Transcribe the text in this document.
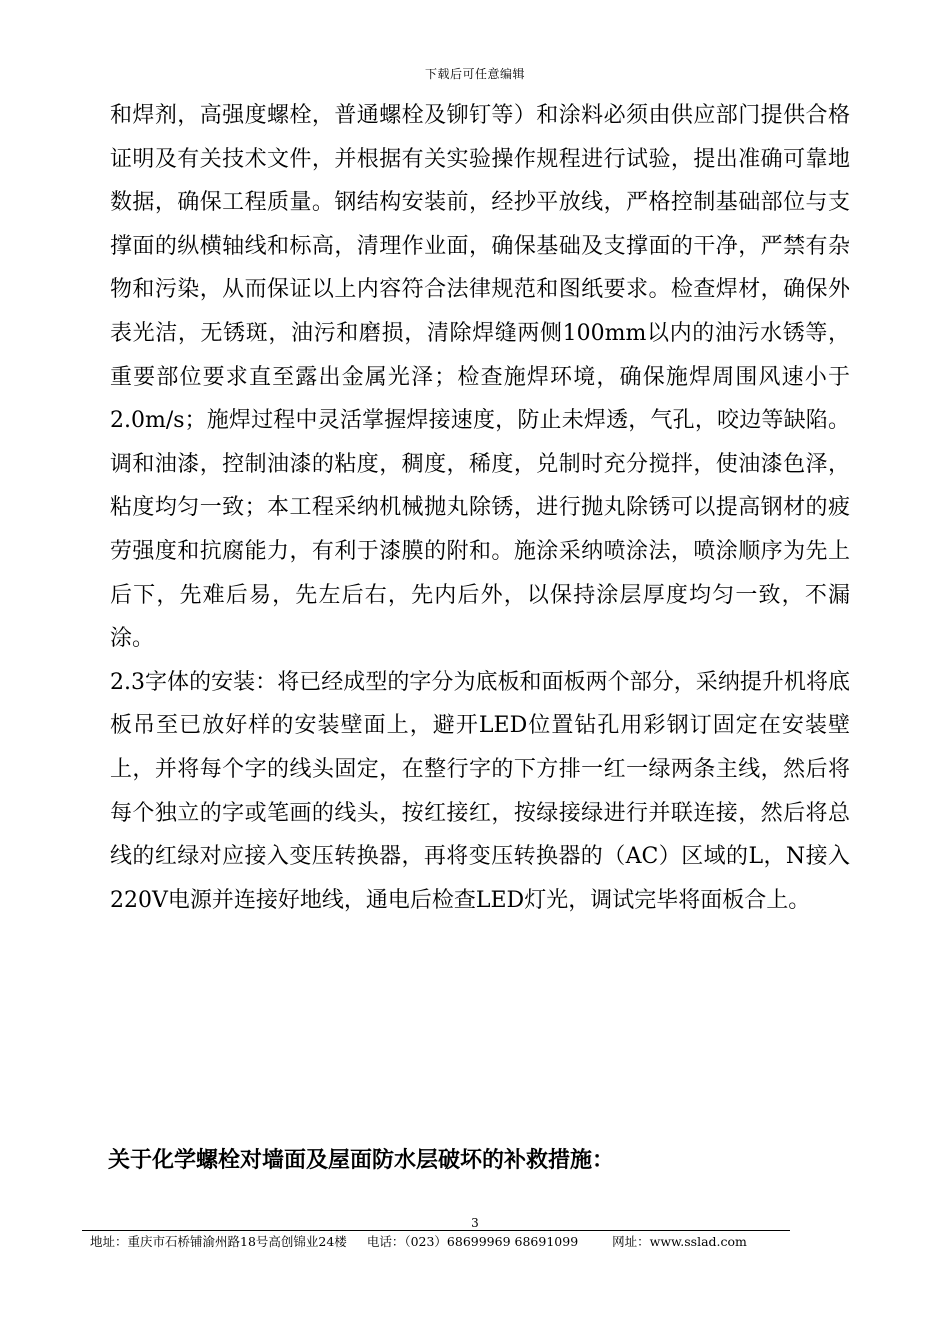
下载后可任意编辑

和焊剂，高强度螺栓，普通螺栓及铆钉等）和涂料必须由供应部门提供合格证明及有关技术文件，并根据有关实验操作规程进行试验，提出准确可靠地数据，确保工程质量。钢结构安装前，经抄平放线，严格控制基础部位与支撑面的纵横轴线和标高，清理作业面，确保基础及支撑面的干净，严禁有杂物和污染，从而保证以上内容符合法律规范和图纸要求。检查焊材，确保外表光洁，无锈斑，油污和磨损，清除焊缝两侧100mm以内的油污水锈等，重要部位要求直至露出金属光泽；检查施焊环境，确保施焊周围风速小于2.0m/s；施焊过程中灵活掌握焊接速度，防止未焊透，气孔，咬边等缺陷。调和油漆，控制油漆的粘度，稠度，稀度，兑制时充分搅拌，使油漆色泽，粘度均匀一致；本工程采纳机械抛丸除锈，进行抛丸除锈可以提高钢材的疲劳强度和抗腐能力，有利于漆膜的附和。施涂采纳喷涂法，喷涂顺序为先上后下，先难后易，先左后右，先内后外，以保持涂层厚度均匀一致，不漏涂。

2.3字体的安装：将已经成型的字分为底板和面板两个部分，采纳提升机将底板吊至已放好样的安装壁面上，避开LED位置钻孔用彩钢订固定在安装壁上，并将每个字的线头固定，在整行字的下方排一红一绿两条主线，然后将每个独立的字或笔画的线头，按红接红，按绿接绿进行并联连接，然后将总线的红绿对应接入变压转换器，再将变压转换器的（AC）区域的L，N接入220V电源并连接好地线，通电后检查LED灯光，调试完毕将面板合上。

关于化学螺栓对墙面及屋面防水层破坏的补救措施：
3
地址：重庆市石桥铺渝州路18号高创锦业24楼 电话：（023）68699969 68691099	网址：www.sslad.com
